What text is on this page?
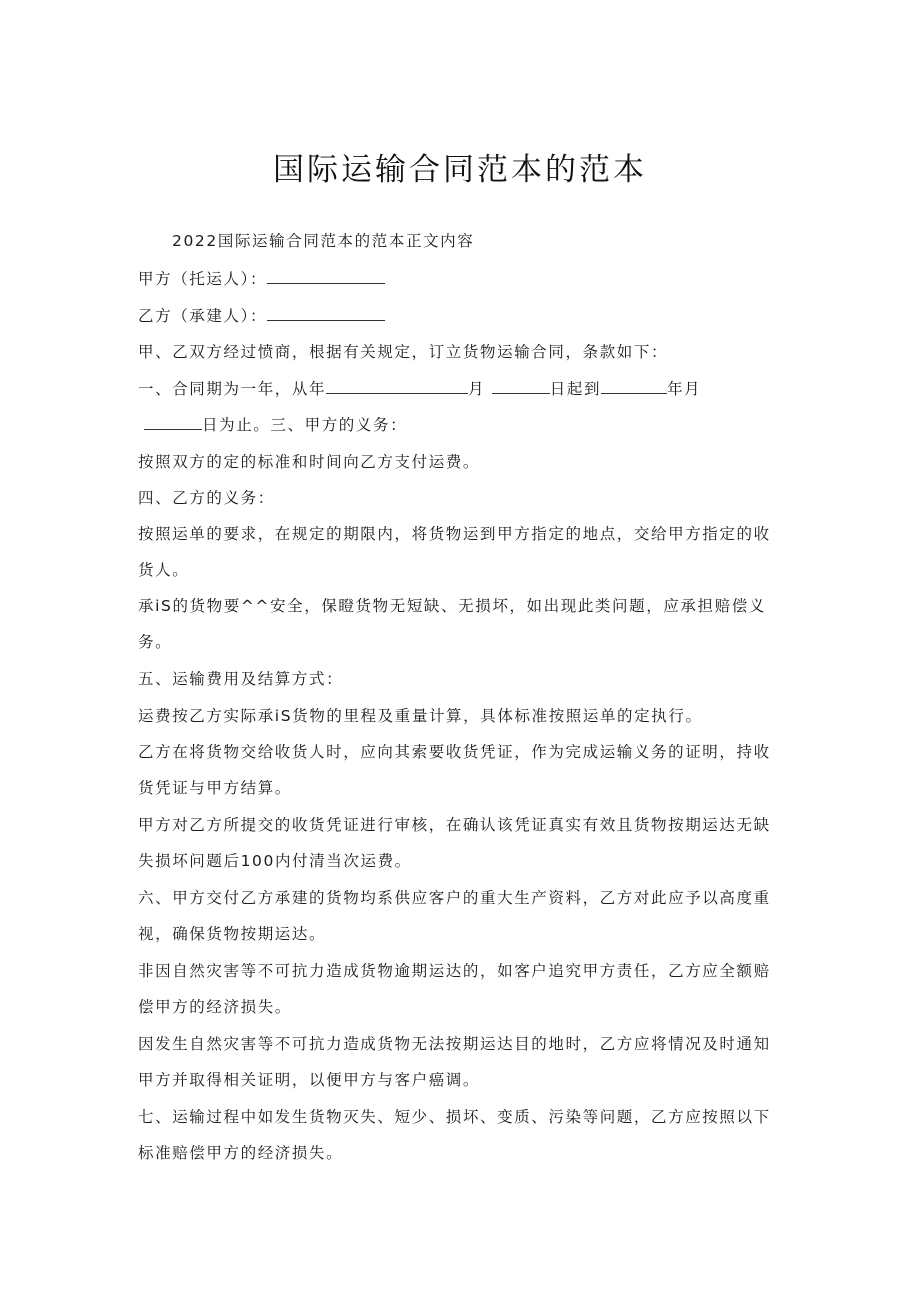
国际运输合同范本的范本
2022国际运输合同范本的范本正文内容
甲方（托运人）：
乙方（承建人）：
甲、乙双方经过愤商，根据有关规定，订立货物运输合同，条款如下：
一、合同期为一年，从年	月	日起到	年月
日为止。三、甲方的义务：
按照双方的定的标准和时间向乙方支付运费。
四、乙方的义务：
按照运单的要求，在规定的期限内，将货物运到甲方指定的地点，交给甲方指定的收
货人。
承iS的货物要^^安全，保瞪货物无短缺、无损坏，如出现此类问题，应承担赔偿义
务。
五、运输费用及结算方式：
运费按乙方实际承iS货物的里程及重量计算，具体标准按照运单的定执行。
乙方在将货物交给收货人时，应向其索要收货凭证，作为完成运输义务的证明，持收
货凭证与甲方结算。
甲方对乙方所提交的收货凭证进行审核，在确认该凭证真实有效且货物按期运达无缺
失损坏问题后100内付清当次运费。
六、甲方交付乙方承建的货物均系供应客户的重大生产资料，乙方对此应予以高度重
视，确保货物按期运达。
非因自然灾害等不可抗力造成货物逾期运达的，如客户追究甲方责任，乙方应全额赔
偿甲方的经济损失。
因发生自然灾害等不可抗力造成货物无法按期运达目的地时，乙方应将情况及时通知
甲方并取得相关证明，以便甲方与客户癌调。
七、运输过程中如发生货物灭失、短少、损坏、变质、污染等问题，乙方应按照以下
标准赔偿甲方的经济损失。
